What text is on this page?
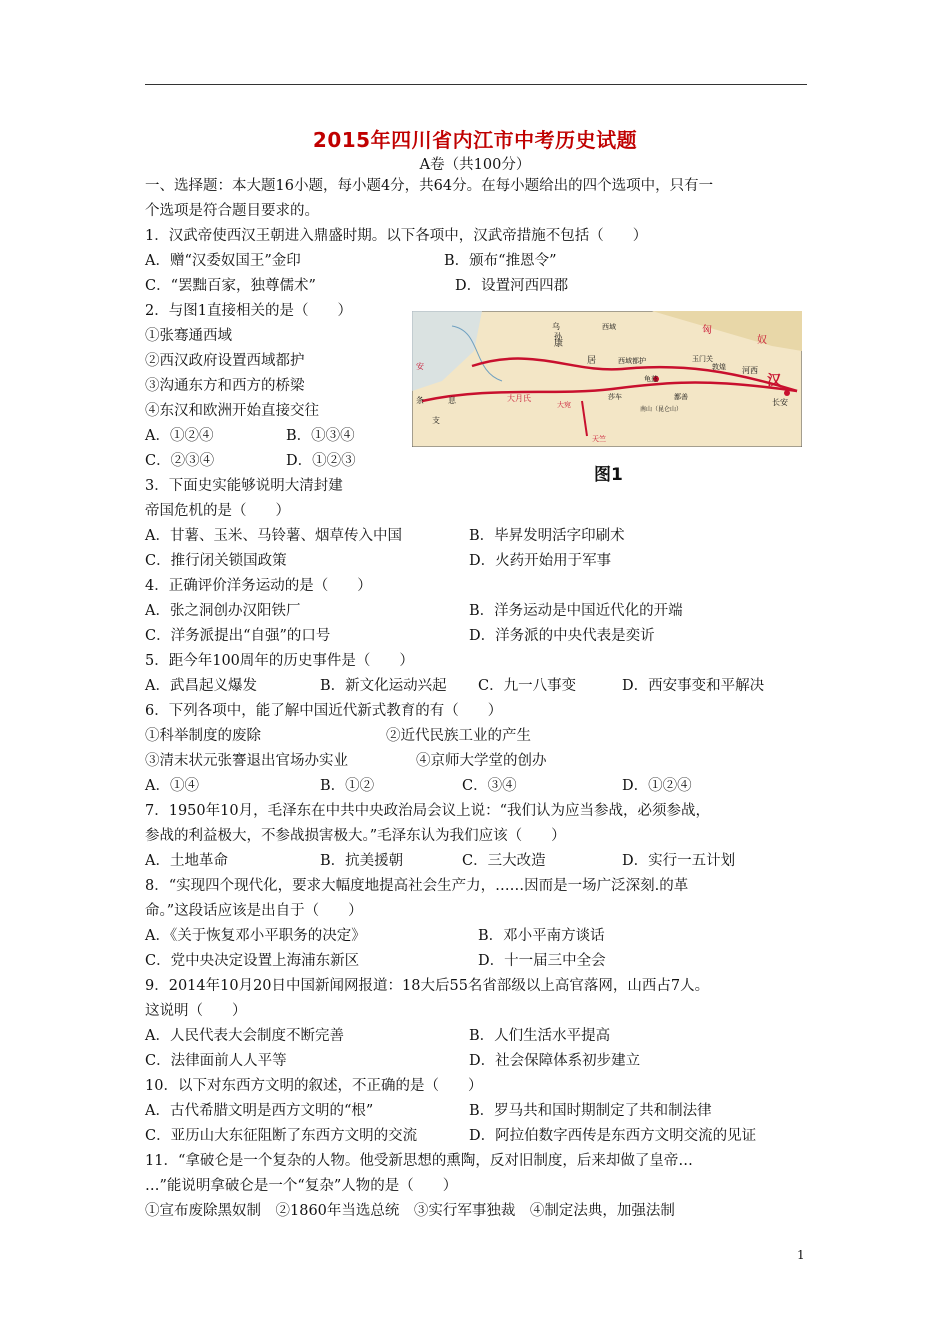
2015年四川省内江市中考历史试题
A卷（共100分）
一、选择题：本大题16小题，每小题4分，共64分。在每小题给出的四个选项中，只有一
个选项是符合题目要求的。
1．汉武帝使西汉王朝进入鼎盛时期。以下各项中，汉武帝措施不包括（　　）
A．赠“汉委奴国王”金印	B．颁布“推恩令”
C．“罢黜百家，独尊儒术”	D．设置河西四郡
2．与图1直接相关的是（　　）
①张骞通西域
②西汉政府设置西域都护
③沟通东方和西方的桥梁
④东汉和欧洲开始直接交往
A．①②④	B．①③④
C．②③④	D．①②③
汉
长安
匈
奴
河西
西域都护
康
居
乌
孙
玉门关
敦煌
大月氏	莎车
龟兹
鄯善
安
息
条
支
大宛
天竺
南山（昆仑山）
西域
图1
3．下面史实能够说明大清封建
帝国危机的是（　　）
A．甘薯、玉米、马铃薯、烟草传入中国	B．毕昇发明活字印刷术
C．推行闭关锁国政策	D．火药开始用于军事
4．正确评价洋务运动的是（　　）
A．张之洞创办汉阳铁厂	B．洋务运动是中国近代化的开端
C．洋务派提出“自强”的口号	D．洋务派的中央代表是奕䜣
5．距今年100周年的历史事件是（　　）
A．武昌起义爆发	B．新文化运动兴起 C．九一八事变	D．西安事变和平解决
6．下列各项中，能了解中国近代新式教育的有（　　）
①科举制度的废除	②近代民族工业的产生
③清末状元张謇退出官场办实业	④京师大学堂的创办
A．①④	B．①②	C．③④	D．①②④
7．1950年10月，毛泽东在中共中央政治局会议上说：“我们认为应当参战，必须参战，
参战的利益极大，不参战损害极大。”毛泽东认为我们应该（　　）
A．土地革命	B．抗美援朝	C．三大改造	D．实行一五计划
8．“实现四个现代化，要求大幅度地提高社会生产力，……因而是一场广泛深刻.的革
命。”这段话应该是出自于（　　）
A．《关于恢复邓小平职务的决定》	B．邓小平南方谈话
C．党中央决定设置上海浦东新区	D．十一届三中全会
9．2014年10月20日中国新闻网报道：18大后55名省部级以上高官落网，山西占7人。
这说明（　　）
A．人民代表大会制度不断完善	B．人们生活水平提高
C．法律面前人人平等	D．社会保障体系初步建立
10．以下对东西方文明的叙述，不正确的是（　　）
A．古代希腊文明是西方文明的“根”	B．罗马共和国时期制定了共和制法律
C．亚历山大东征阻断了东西方文明的交流	D．阿拉伯数字西传是东西方文明交流的见证
11．“拿破仑是一个复杂的人物。他受新思想的熏陶，反对旧制度，后来却做了皇帝…
…”能说明拿破仑是一个“复杂”人物的是（　　）
①宣布废除黑奴制　②1860年当选总统　③实行军事独裁　④制定法典，加强法制
1
